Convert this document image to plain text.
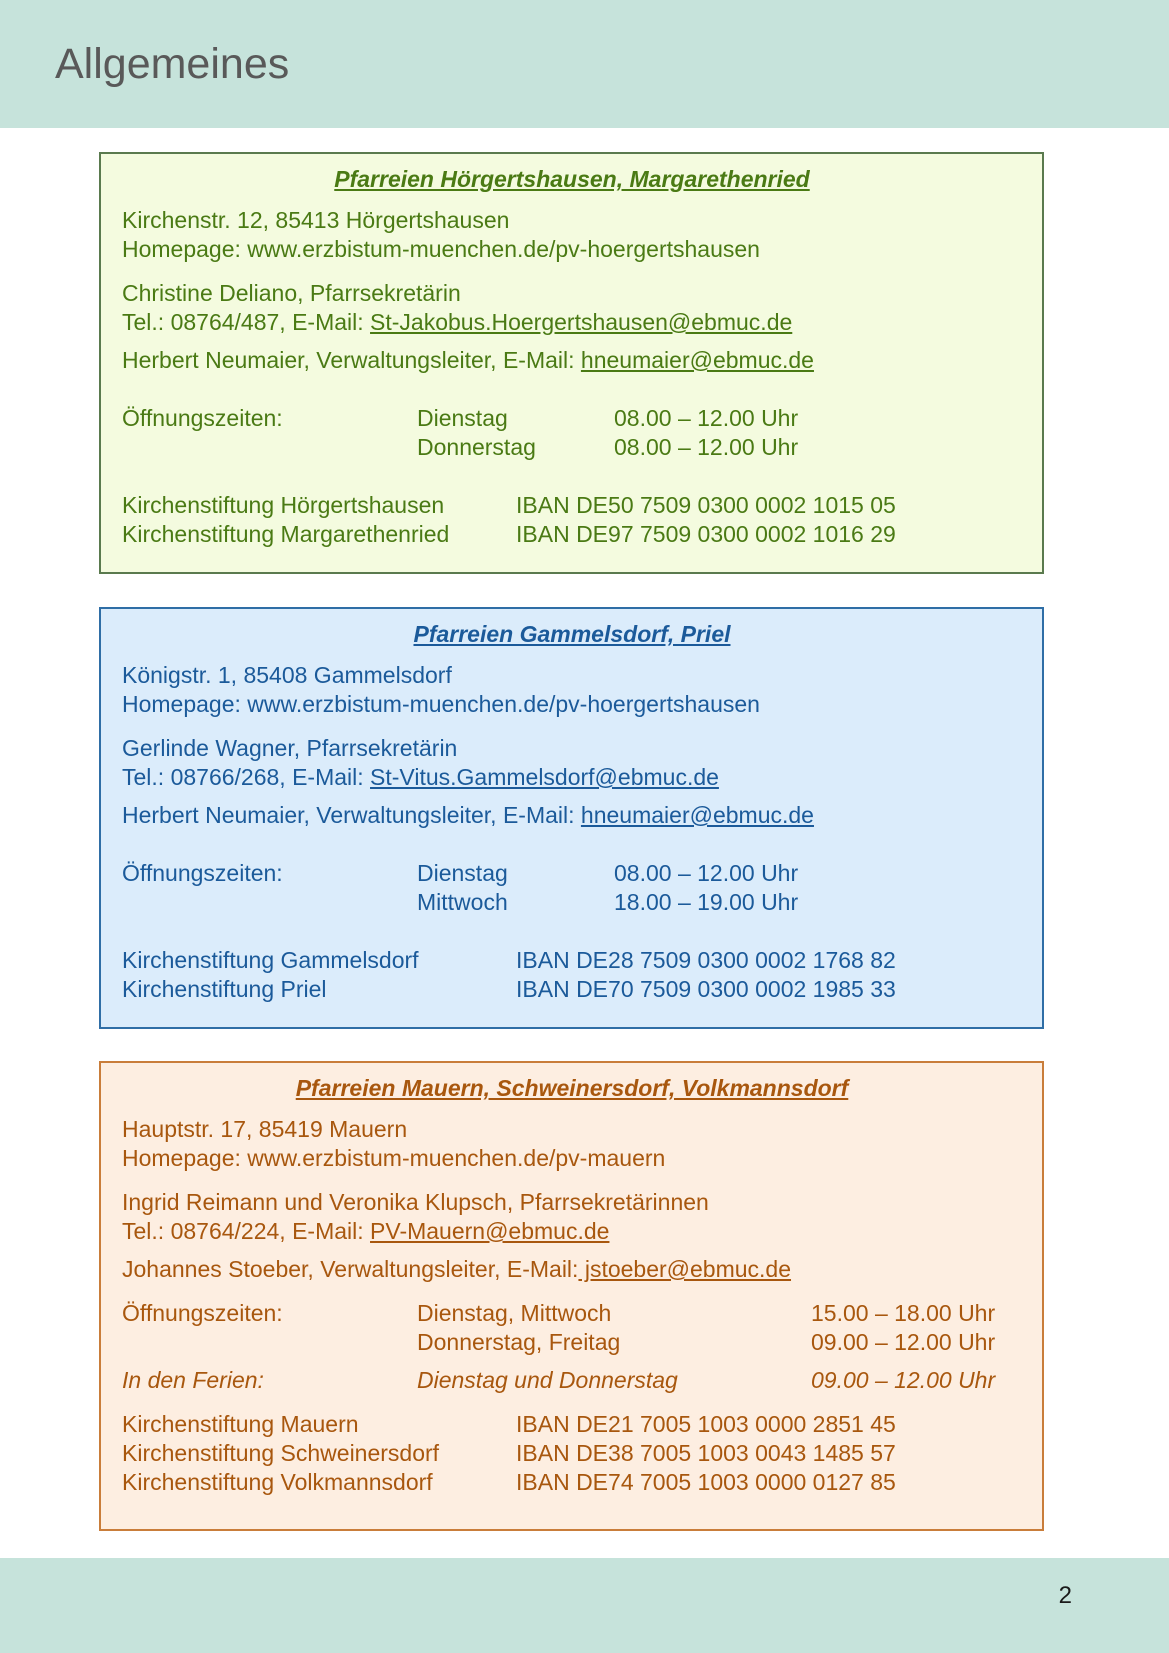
Allgemeines
Pfarreien Hörgertshausen, Margarethenried
Kirchenstr. 12, 85413 Hörgertshausen
Homepage: www.erzbistum-muenchen.de/pv-hoergertshausen
Christine Deliano, Pfarrsekretärin
Tel.: 08764/487, E-Mail: St-Jakobus.Hoergertshausen@ebmuc.de
Herbert Neumaier, Verwaltungsleiter, E-Mail: hneumaier@ebmuc.de
Öffnungszeiten:	Dienstag	08.00 – 12.00 Uhr
Donnerstag	08.00 – 12.00 Uhr
Kirchenstiftung Hörgertshausen	IBAN DE50 7509 0300 0002 1015 05
Kirchenstiftung Margarethenried	IBAN DE97 7509 0300 0002 1016 29
Pfarreien Gammelsdorf, Priel
Königstr. 1, 85408 Gammelsdorf
Homepage: www.erzbistum-muenchen.de/pv-hoergertshausen
Gerlinde Wagner, Pfarrsekretärin
Tel.: 08766/268, E-Mail: St-Vitus.Gammelsdorf@ebmuc.de
Herbert Neumaier, Verwaltungsleiter, E-Mail: hneumaier@ebmuc.de
Öffnungszeiten:	Dienstag	08.00 – 12.00 Uhr
Mittwoch	18.00 – 19.00 Uhr
Kirchenstiftung Gammelsdorf	IBAN DE28 7509 0300 0002 1768 82
Kirchenstiftung Priel	IBAN DE70 7509 0300 0002 1985 33
Pfarreien Mauern, Schweinersdorf, Volkmannsdorf
Hauptstr. 17, 85419 Mauern
Homepage: www.erzbistum-muenchen.de/pv-mauern
Ingrid Reimann und Veronika Klupsch, Pfarrsekretärinnen
Tel.: 08764/224, E-Mail: PV-Mauern@ebmuc.de
Johannes Stoeber, Verwaltungsleiter, E-Mail: jstoeber@ebmuc.de
Öffnungszeiten:	Dienstag, Mittwoch	15.00 – 18.00 Uhr
Donnerstag, Freitag	09.00 – 12.00 Uhr
In den Ferien:	Dienstag und Donnerstag	09.00 – 12.00 Uhr
Kirchenstiftung Mauern	IBAN DE21 7005 1003 0000 2851 45
Kirchenstiftung Schweinersdorf	IBAN DE38 7005 1003 0043 1485 57
Kirchenstiftung Volkmannsdorf	IBAN DE74 7005 1003 0000 0127 85
2
